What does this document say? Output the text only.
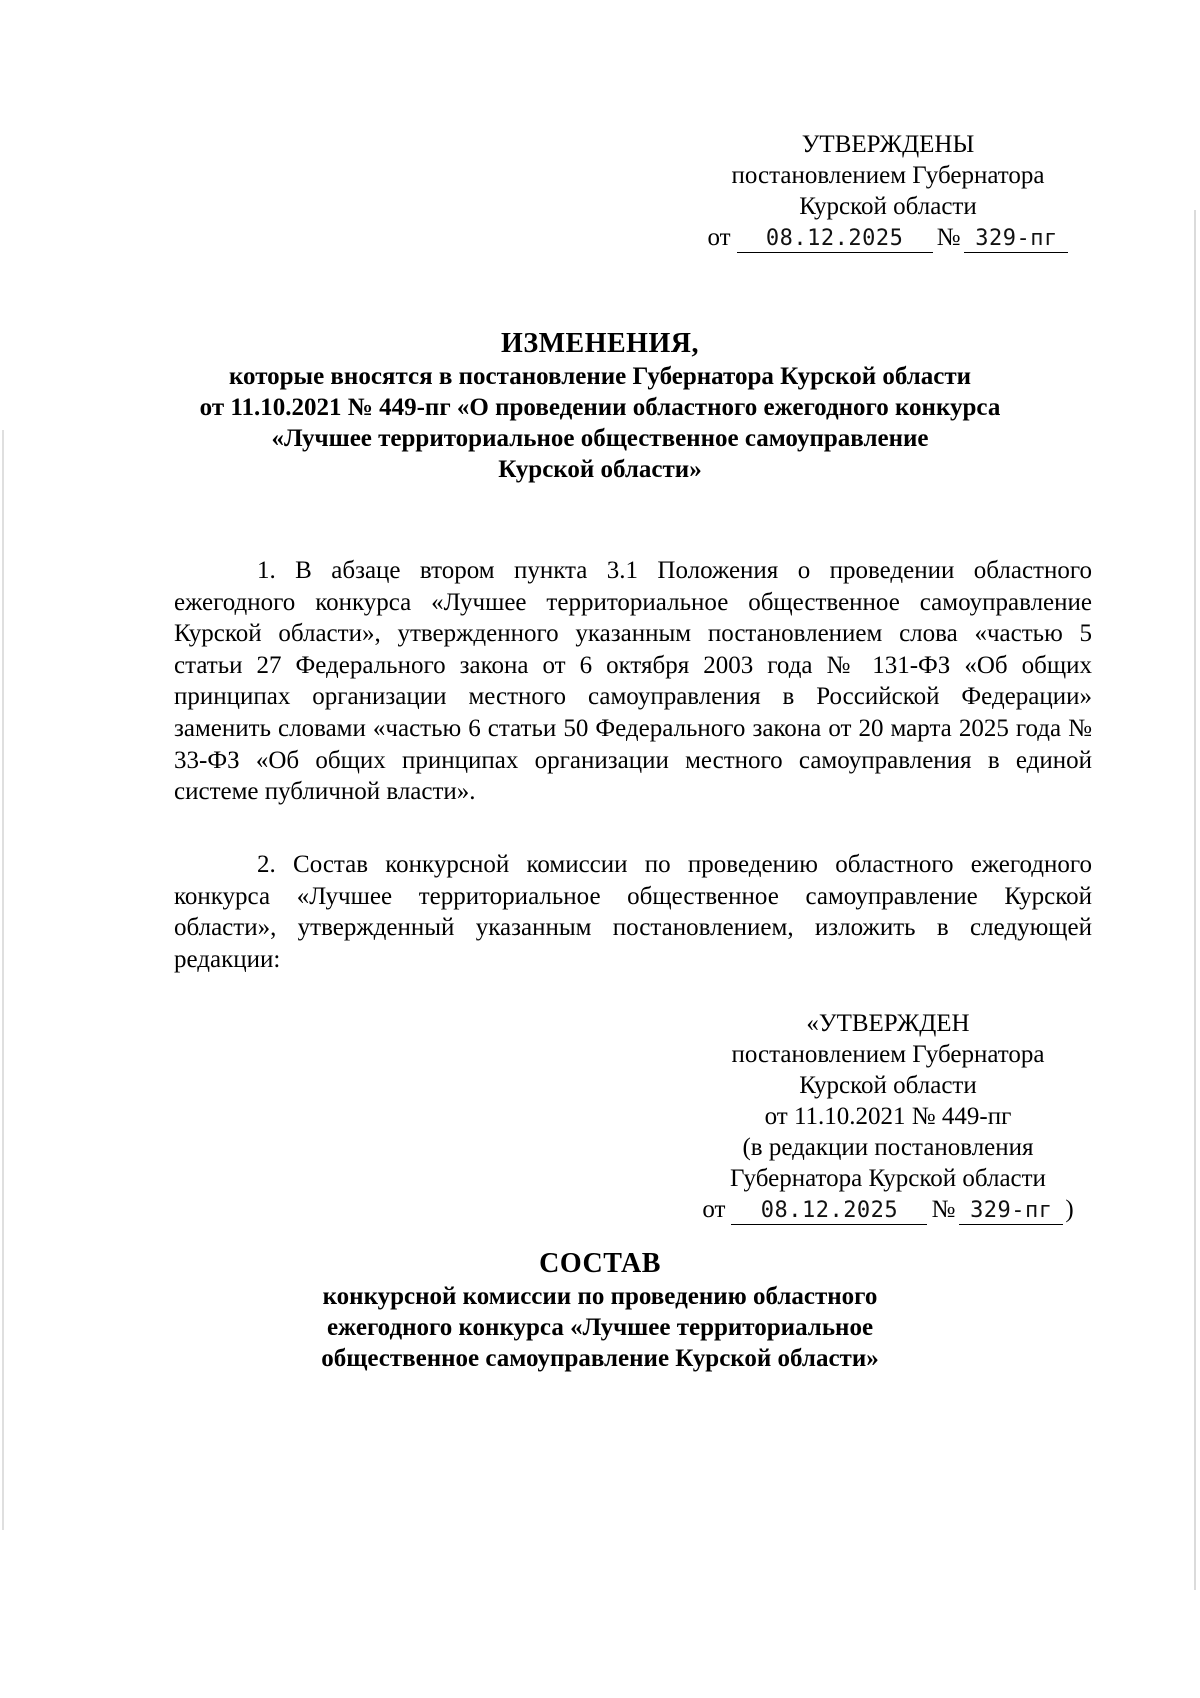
УТВЕРЖДЕНЫ
постановлением Губернатора
Курской области
от	08.12.2025	№ 329-пг
ИЗМЕНЕНИЯ,
которые вносятся в постановление Губернатора Курской области
от 11.10.2021 № 449-пг «О проведении областного ежегодного конкурса
«Лучшее территориальное общественное самоуправление
Курской области»

1. В абзаце втором пункта 3.1 Положения о проведении областного ежегодного конкурса «Лучшее территориальное общественное самоуправление Курской области», утвержденного указанным постановлением слова «частью 5 статьи 27 Федерального закона от 6 октября 2003 года № 131-ФЗ «Об общих принципах организации местного самоуправления в Российской Федерации» заменить словами «частью 6 статьи 50 Федерального закона от 20 марта 2025 года № 33-ФЗ «Об общих принципах организации местного самоуправления в единой системе публичной власти».

2. Состав конкурсной комиссии по проведению областного ежегодного конкурса «Лучшее территориальное общественное самоуправление Курской области», утвержденный указанным постановлением, изложить в следующей редакции:

«УТВЕРЖДЕН
постановлением Губернатора
Курской области
от 11.10.2021 № 449-пг
(в редакции постановления
Губернатора Курской области
от	08.12.2025	№ 329-пг )
СОСТАВ
конкурсной комиссии по проведению областного
ежегодного конкурса «Лучшее территориальное
общественное самоуправление Курской области»
